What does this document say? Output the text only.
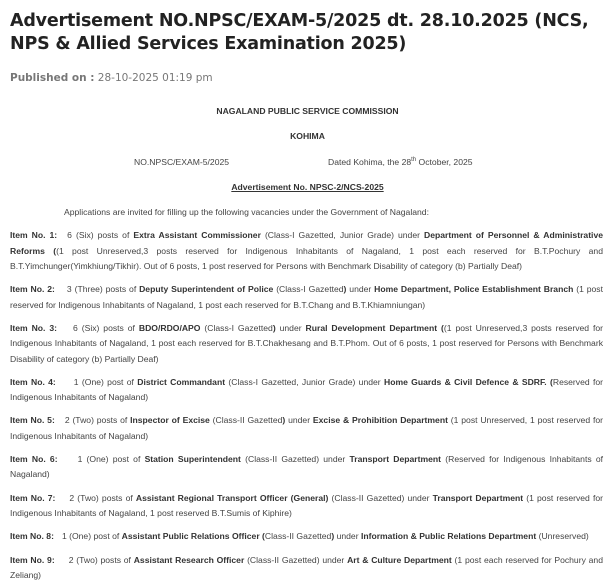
Advertisement NO.NPSC/EXAM-5/2025 dt. 28.10.2025 (NCS, NPS & Allied Services Examination 2025)
Published on : 28-10-2025 01:19 pm
NAGALAND PUBLIC SERVICE COMMISSION
KOHIMA
NO.NPSC/EXAM-5/2025	Dated Kohima, the 28th October, 2025
Advertisement No. NPSC-2/NCS-2025
Applications are invited for filling up the following vacancies under the Government of Nagaland:
Item No. 1: 6 (Six) posts of Extra Assistant Commissioner (Class-I Gazetted, Junior Grade) under Department of Personnel & Administrative Reforms ((1 post Unreserved,3 posts reserved for Indigenous Inhabitants of Nagaland, 1 post each reserved for B.T.Pochury and B.T.Yimchunger(Yimkhiung/Tikhir). Out of 6 posts, 1 post reserved for Persons with Benchmark Disability of category (b) Partially Deaf)
Item No. 2: 3 (Three) posts of Deputy Superintendent of Police (Class-I Gazetted) under Home Department, Police Establishment Branch (1 post reserved for Indigenous Inhabitants of Nagaland, 1 post each reserved for B.T.Chang and B.T.Khiamniungan)
Item No. 3: 6 (Six) posts of BDO/RDO/APO (Class-I Gazetted) under Rural Development Department ((1 post Unreserved,3 posts reserved for Indigenous Inhabitants of Nagaland, 1 post each reserved for B.T.Chakhesang and B.T.Phom. Out of 6 posts, 1 post reserved for Persons with Benchmark Disability of category (b) Partially Deaf)
Item No. 4: 1 (One) post of District Commandant (Class-I Gazetted, Junior Grade) under Home Guards & Civil Defence & SDRF. (Reserved for Indigenous Inhabitants of Nagaland)
Item No. 5: 2 (Two) posts of Inspector of Excise (Class-II Gazetted) under Excise & Prohibition Department (1 post Unreserved, 1 post reserved for Indigenous Inhabitants of Nagaland)
Item No. 6: 1 (One) post of Station Superintendent (Class-II Gazetted) under Transport Department (Reserved for Indigenous Inhabitants of Nagaland)
Item No. 7: 2 (Two) posts of Assistant Regional Transport Officer (General) (Class-II Gazetted) under Transport Department (1 post reserved for Indigenous Inhabitants of Nagaland, 1 post reserved B.T.Sumis of Kiphire)
Item No. 8: 1 (One) post of Assistant Public Relations Officer (Class-II Gazetted) under Information & Public Relations Department (Unreserved)
Item No. 9: 2 (Two) posts of Assistant Research Officer (Class-II Gazetted) under Art & Culture Department (1 post each reserved for Pochury and Zeliang)
